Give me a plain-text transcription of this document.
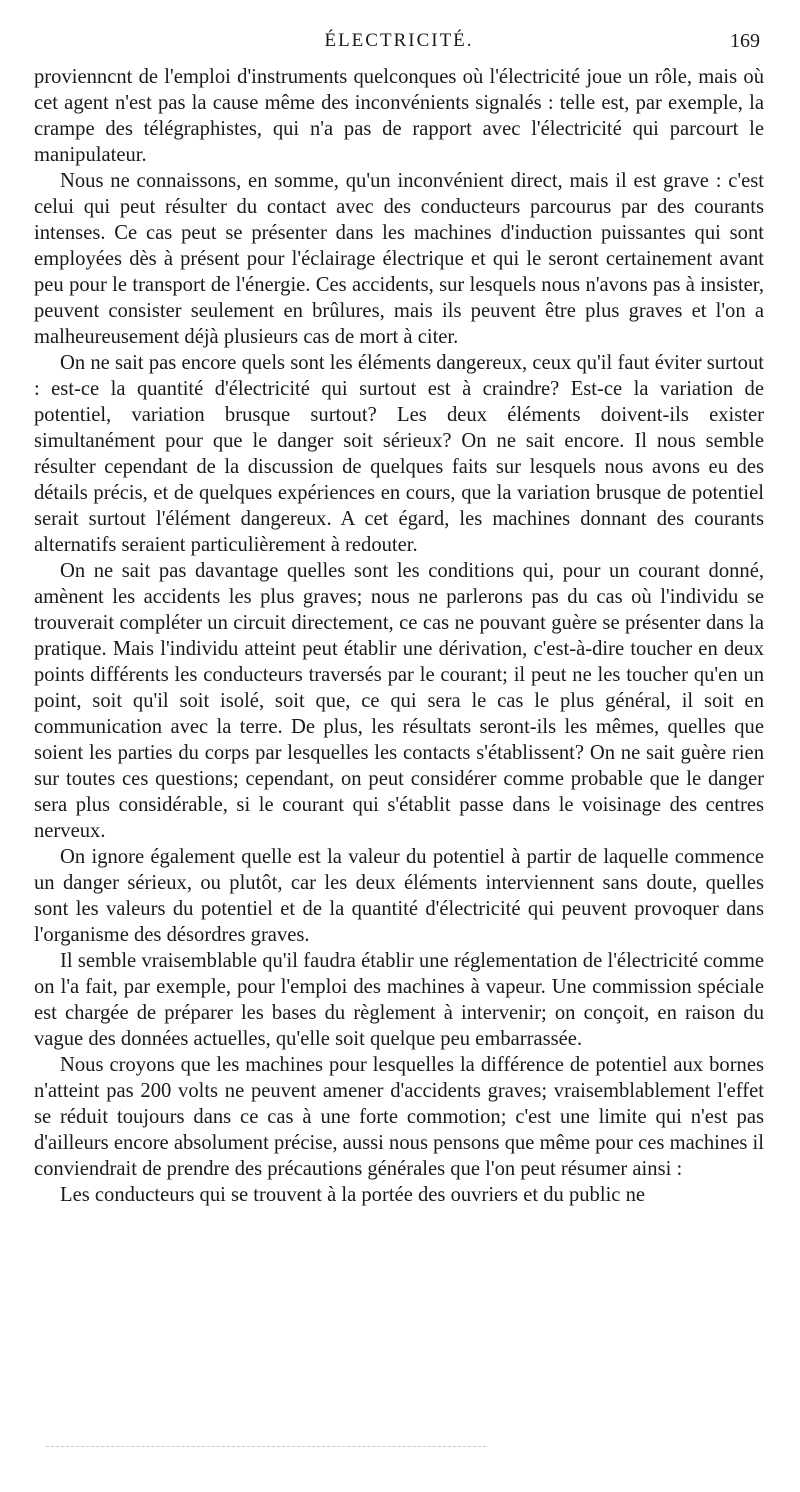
ÉLECTRICITÉ.	169

provienncnt de l'emploi d'instruments quelconques où l'électricité joue un rôle, mais où cet agent n'est pas la cause même des inconvénients signalés : telle est, par exemple, la crampe des télégraphistes, qui n'a pas de rapport avec l'électricité qui parcourt le manipulateur.

Nous ne connaissons, en somme, qu'un inconvénient direct, mais il est grave : c'est celui qui peut résulter du contact avec des conducteurs parcourus par des courants intenses. Ce cas peut se présenter dans les machines d'induction puissantes qui sont employées dès à présent pour l'éclairage électrique et qui le seront certainement avant peu pour le transport de l'énergie. Ces accidents, sur lesquels nous n'avons pas à insister, peuvent consister seulement en brûlures, mais ils peuvent être plus graves et l'on a malheureusement déjà plusieurs cas de mort à citer.

On ne sait pas encore quels sont les éléments dangereux, ceux qu'il faut éviter surtout : est-ce la quantité d'électricité qui surtout est à craindre? Est-ce la variation de potentiel, variation brusque surtout? Les deux éléments doivent-ils exister simultanément pour que le danger soit sérieux? On ne sait encore. Il nous semble résulter cependant de la discussion de quelques faits sur lesquels nous avons eu des détails précis, et de quelques expériences en cours, que la variation brusque de potentiel serait surtout l'élément dangereux. A cet égard, les machines donnant des courants alternatifs seraient particulièrement à redouter.

On ne sait pas davantage quelles sont les conditions qui, pour un courant donné, amènent les accidents les plus graves; nous ne parlerons pas du cas où l'individu se trouverait compléter un circuit directement, ce cas ne pouvant guère se présenter dans la pratique. Mais l'individu atteint peut établir une dérivation, c'est-à-dire toucher en deux points différents les conducteurs traversés par le courant; il peut ne les toucher qu'en un point, soit qu'il soit isolé, soit que, ce qui sera le cas le plus général, il soit en communication avec la terre. De plus, les résultats seront-ils les mêmes, quelles que soient les parties du corps par lesquelles les contacts s'établissent? On ne sait guère rien sur toutes ces questions; cependant, on peut considérer comme probable que le danger sera plus considérable, si le courant qui s'établit passe dans le voisinage des centres nerveux.

On ignore également quelle est la valeur du potentiel à partir de laquelle commence un danger sérieux, ou plutôt, car les deux éléments interviennent sans doute, quelles sont les valeurs du potentiel et de la quantité d'électricité qui peuvent provoquer dans l'organisme des désordres graves.

Il semble vraisemblable qu'il faudra établir une réglementation de l'électricité comme on l'a fait, par exemple, pour l'emploi des machines à vapeur. Une commission spéciale est chargée de préparer les bases du règlement à intervenir; on conçoit, en raison du vague des données actuelles, qu'elle soit quelque peu embarrassée.

Nous croyons que les machines pour lesquelles la différence de potentiel aux bornes n'atteint pas 200 volts ne peuvent amener d'accidents graves; vraisemblablement l'effet se réduit toujours dans ce cas à une forte commotion; c'est une limite qui n'est pas d'ailleurs encore absolument précise, aussi nous pensons que même pour ces machines il conviendrait de prendre des précautions générales que l'on peut résumer ainsi :

Les conducteurs qui se trouvent à la portée des ouvriers et du public ne
